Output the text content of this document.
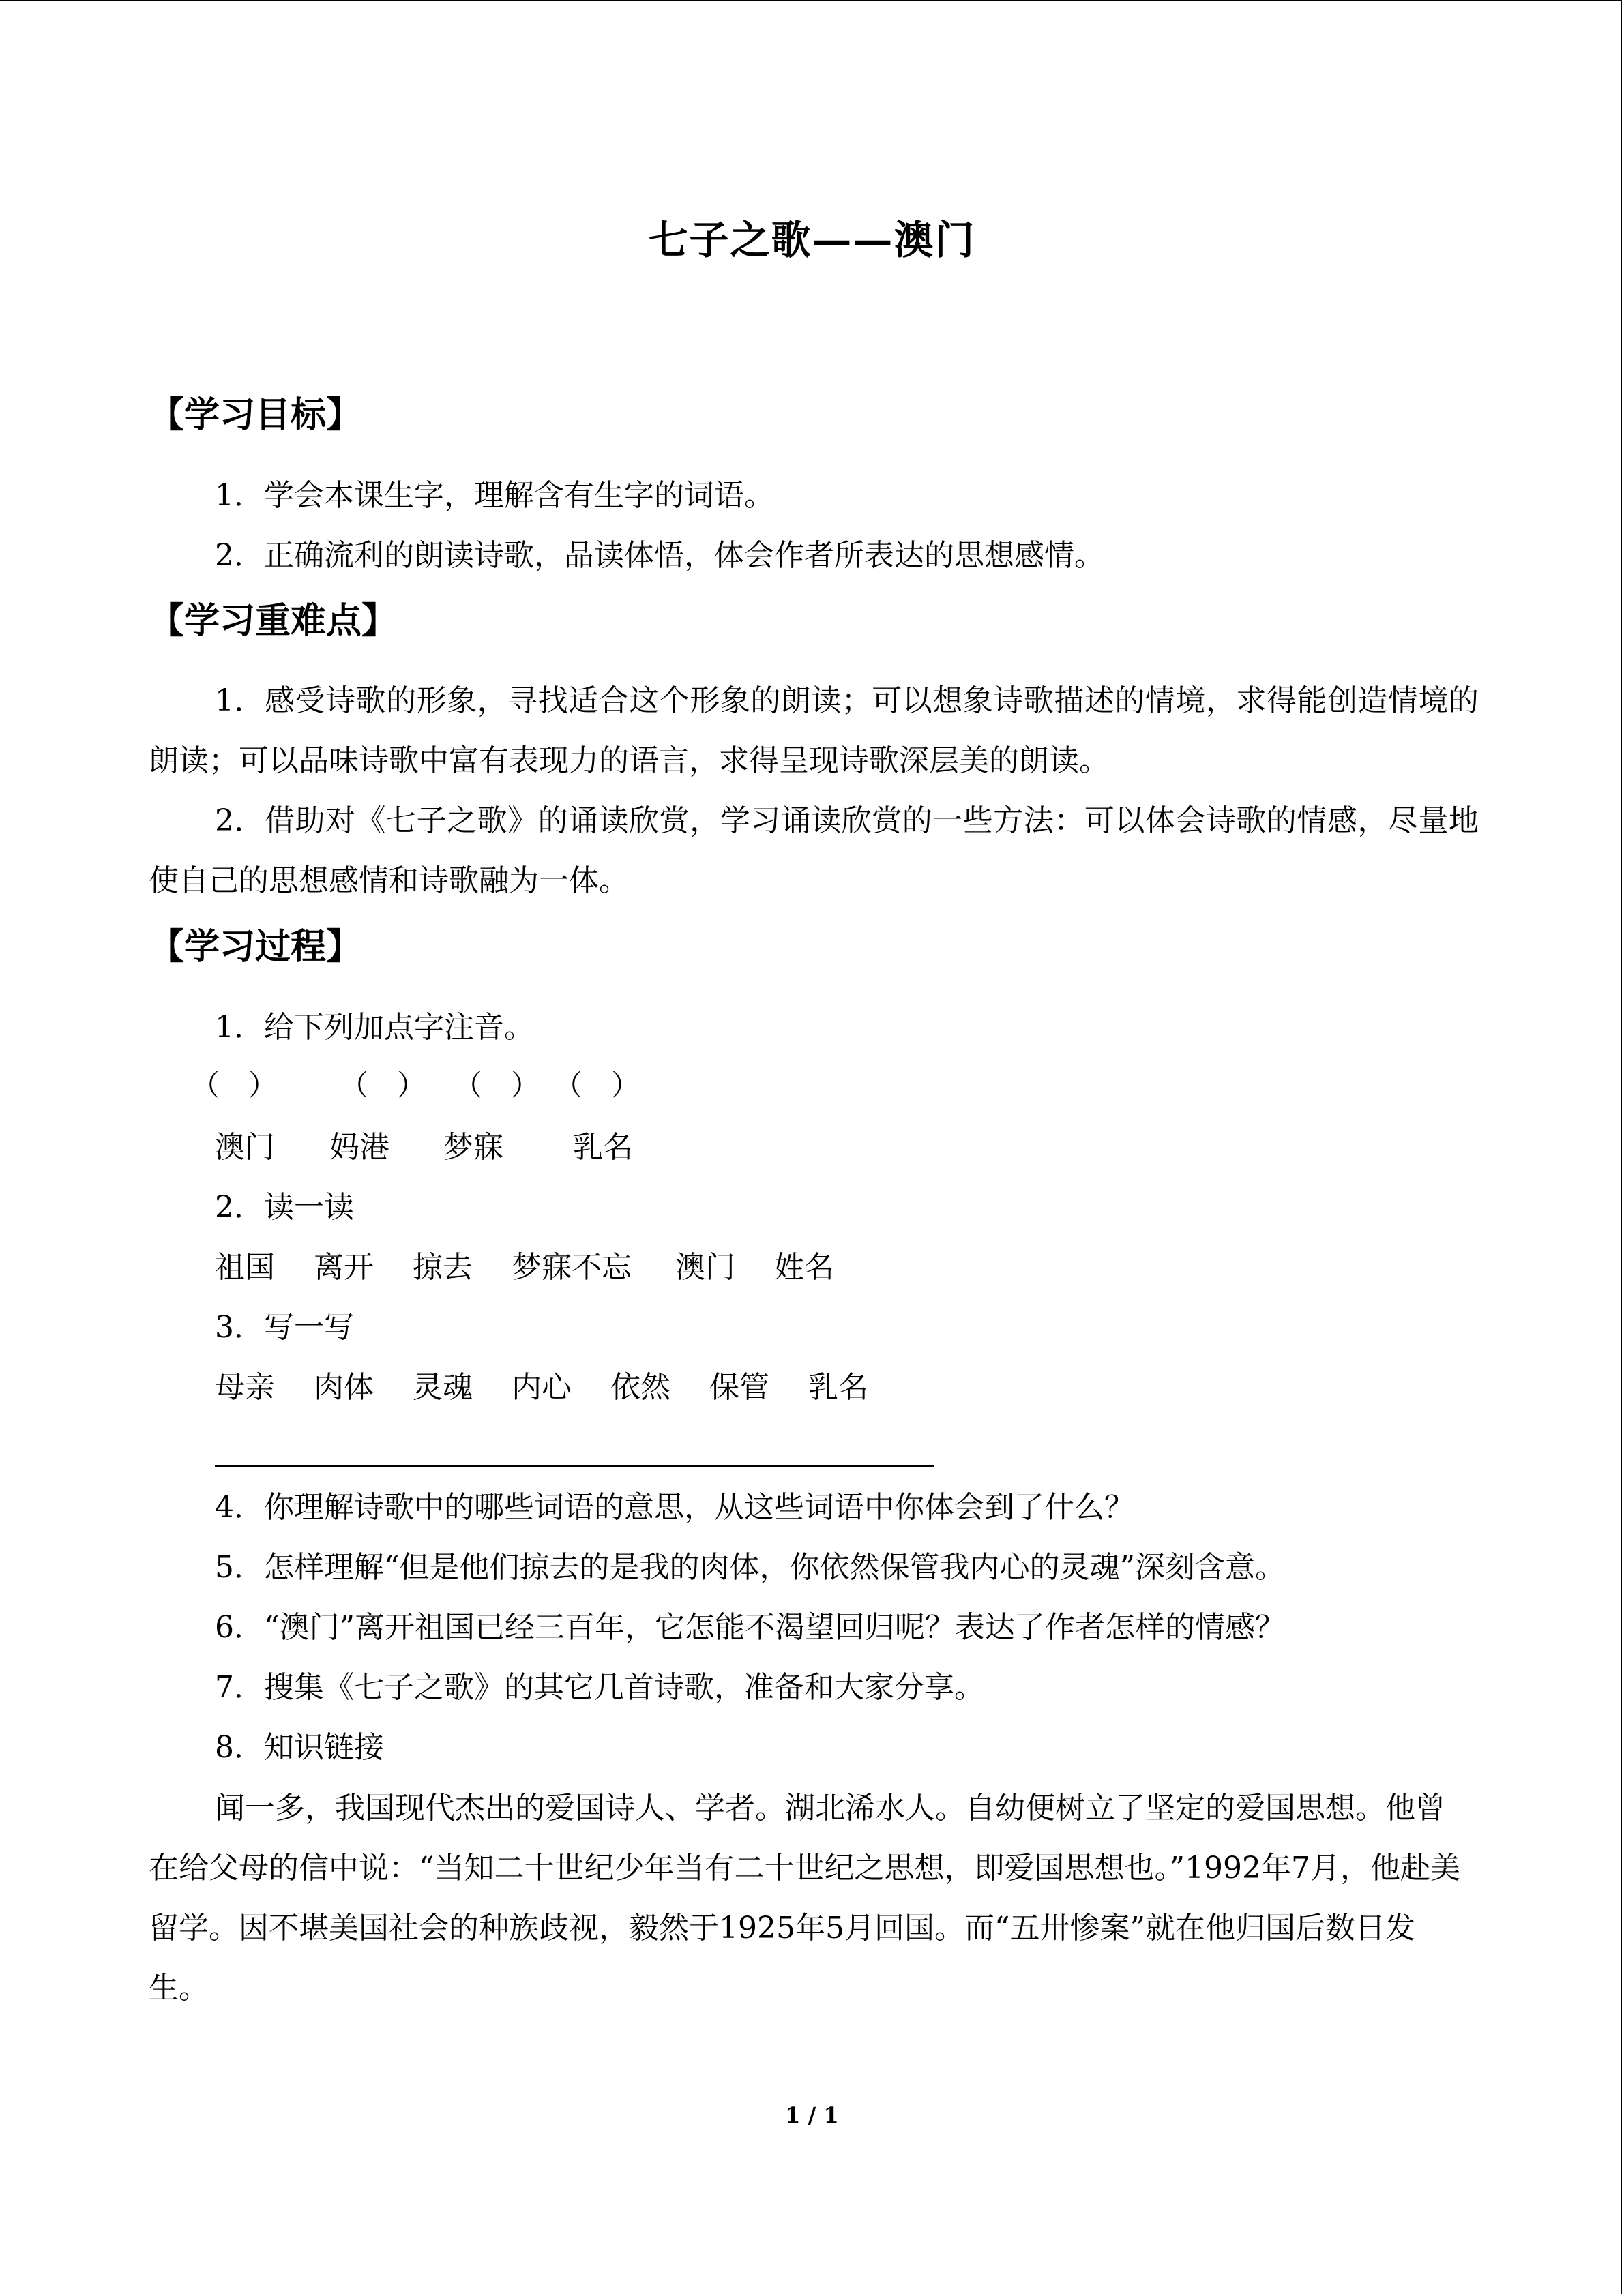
七子之歌——澳门
【学习目标】
1．学会本课生字，理解含有生字的词语。
2．正确流利的朗读诗歌，品读体悟，体会作者所表达的思想感情。
【学习重难点】
1．感受诗歌的形象，寻找适合这个形象的朗读；可以想象诗歌描述的情境，求得能创造情境的朗读；可以品味诗歌中富有表现力的语言，求得呈现诗歌深层美的朗读。
2．借助对《七子之歌》的诵读欣赏，学习诵读欣赏的一些方法：可以体会诗歌的情感，尽量地使自己的思想感情和诗歌融为一体。
【学习过程】
1．给下列加点字注音。
（　） （　） （　） （　）
澳门 妈港 梦寐 乳名
2．读一读
祖国 离开 掠去 梦寐不忘 澳门 姓名
3．写一写
母亲 肉体 灵魂 内心 依然 保管 乳名
4．你理解诗歌中的哪些词语的意思，从这些词语中你体会到了什么？
5．怎样理解“但是他们掠去的是我的肉体，你依然保管我内心的灵魂”深刻含意。
6．“澳门”离开祖国已经三百年，它怎能不渴望回归呢？表达了作者怎样的情感？
7．搜集《七子之歌》的其它几首诗歌，准备和大家分享。
8．知识链接
闻一多，我国现代杰出的爱国诗人、学者。湖北浠水人。自幼便树立了坚定的爱国思想。他曾在给父母的信中说：“当知二十世纪少年当有二十世纪之思想，即爱国思想也。”1992年7月，他赴美留学。因不堪美国社会的种族歧视，毅然于1925年5月回国。而“五卅惨案”就在他归国后数日发生。
1 / 1
